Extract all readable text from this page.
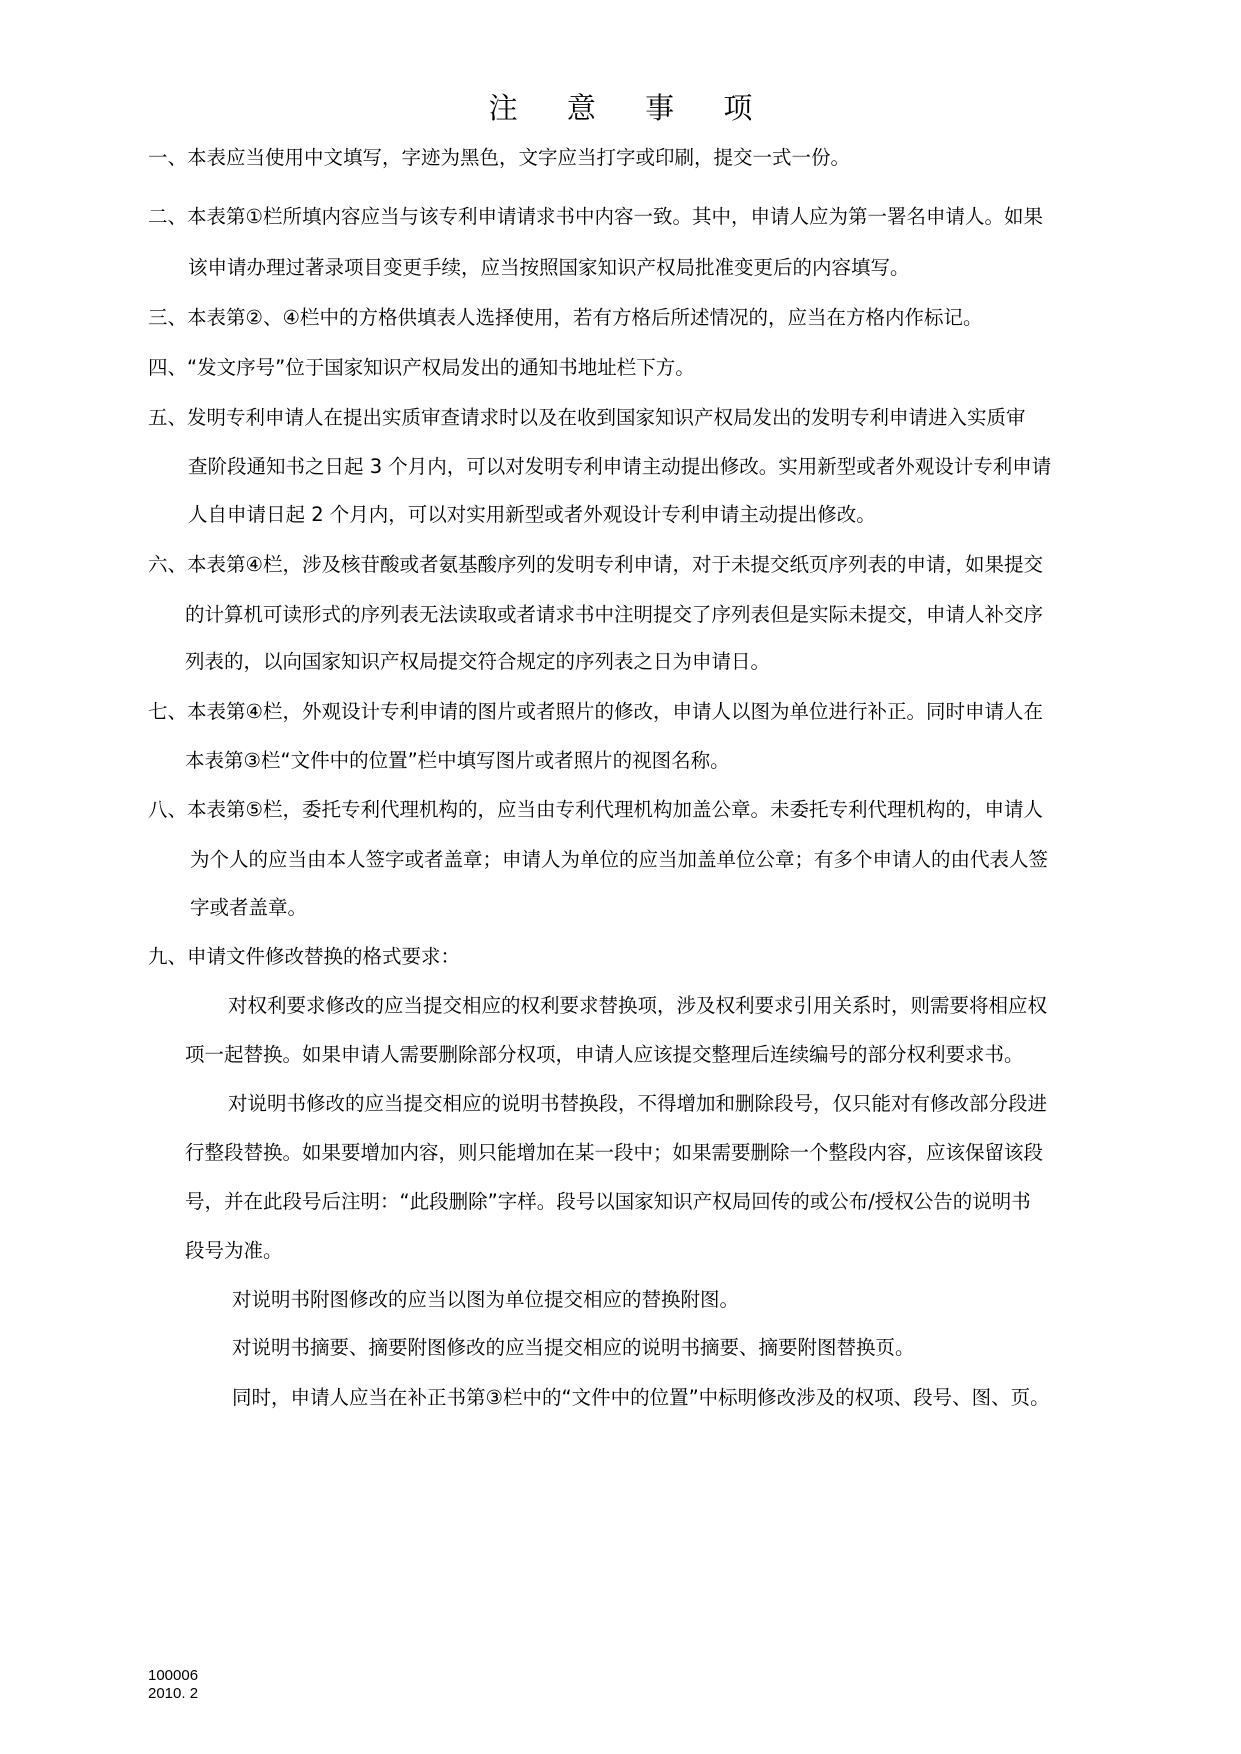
注 意 事 项
一、本表应当使用中文填写，字迹为黑色，文字应当打字或印刷，提交一式一份。
二、本表第①栏所填内容应当与该专利申请请求书中内容一致。其中，申请人应为第一署名申请人。如果
该申请办理过著录项目变更手续，应当按照国家知识产权局批准变更后的内容填写。
三、本表第②、④栏中的方格供填表人选择使用，若有方格后所述情况的，应当在方格内作标记。
四、“发文序号”位于国家知识产权局发出的通知书地址栏下方。
五、发明专利申请人在提出实质审查请求时以及在收到国家知识产权局发出的发明专利申请进入实质审
查阶段通知书之日起 3 个月内，可以对发明专利申请主动提出修改。实用新型或者外观设计专利申请
人自申请日起 2 个月内，可以对实用新型或者外观设计专利申请主动提出修改。
六、本表第④栏，涉及核苷酸或者氨基酸序列的发明专利申请，对于未提交纸页序列表的申请，如果提交
的计算机可读形式的序列表无法读取或者请求书中注明提交了序列表但是实际未提交，申请人补交序
列表的，以向国家知识产权局提交符合规定的序列表之日为申请日。
七、本表第④栏，外观设计专利申请的图片或者照片的修改，申请人以图为单位进行补正。同时申请人在
本表第③栏“文件中的位置”栏中填写图片或者照片的视图名称。
八、本表第⑤栏，委托专利代理机构的，应当由专利代理机构加盖公章。未委托专利代理机构的，申请人
为个人的应当由本人签字或者盖章；申请人为单位的应当加盖单位公章；有多个申请人的由代表人签
字或者盖章。
九、申请文件修改替换的格式要求：
对权利要求修改的应当提交相应的权利要求替换项，涉及权利要求引用关系时，则需要将相应权
项一起替换。如果申请人需要删除部分权项，申请人应该提交整理后连续编号的部分权利要求书。
对说明书修改的应当提交相应的说明书替换段，不得增加和删除段号，仅只能对有修改部分段进
行整段替换。如果要增加内容，则只能增加在某一段中；如果需要删除一个整段内容，应该保留该段
号，并在此段号后注明：“此段删除”字样。段号以国家知识产权局回传的或公布/授权公告的说明书
段号为准。
对说明书附图修改的应当以图为单位提交相应的替换附图。
对说明书摘要、摘要附图修改的应当提交相应的说明书摘要、摘要附图替换页。
同时，申请人应当在补正书第③栏中的“文件中的位置”中标明修改涉及的权项、段号、图、页。
100006
2010. 2
